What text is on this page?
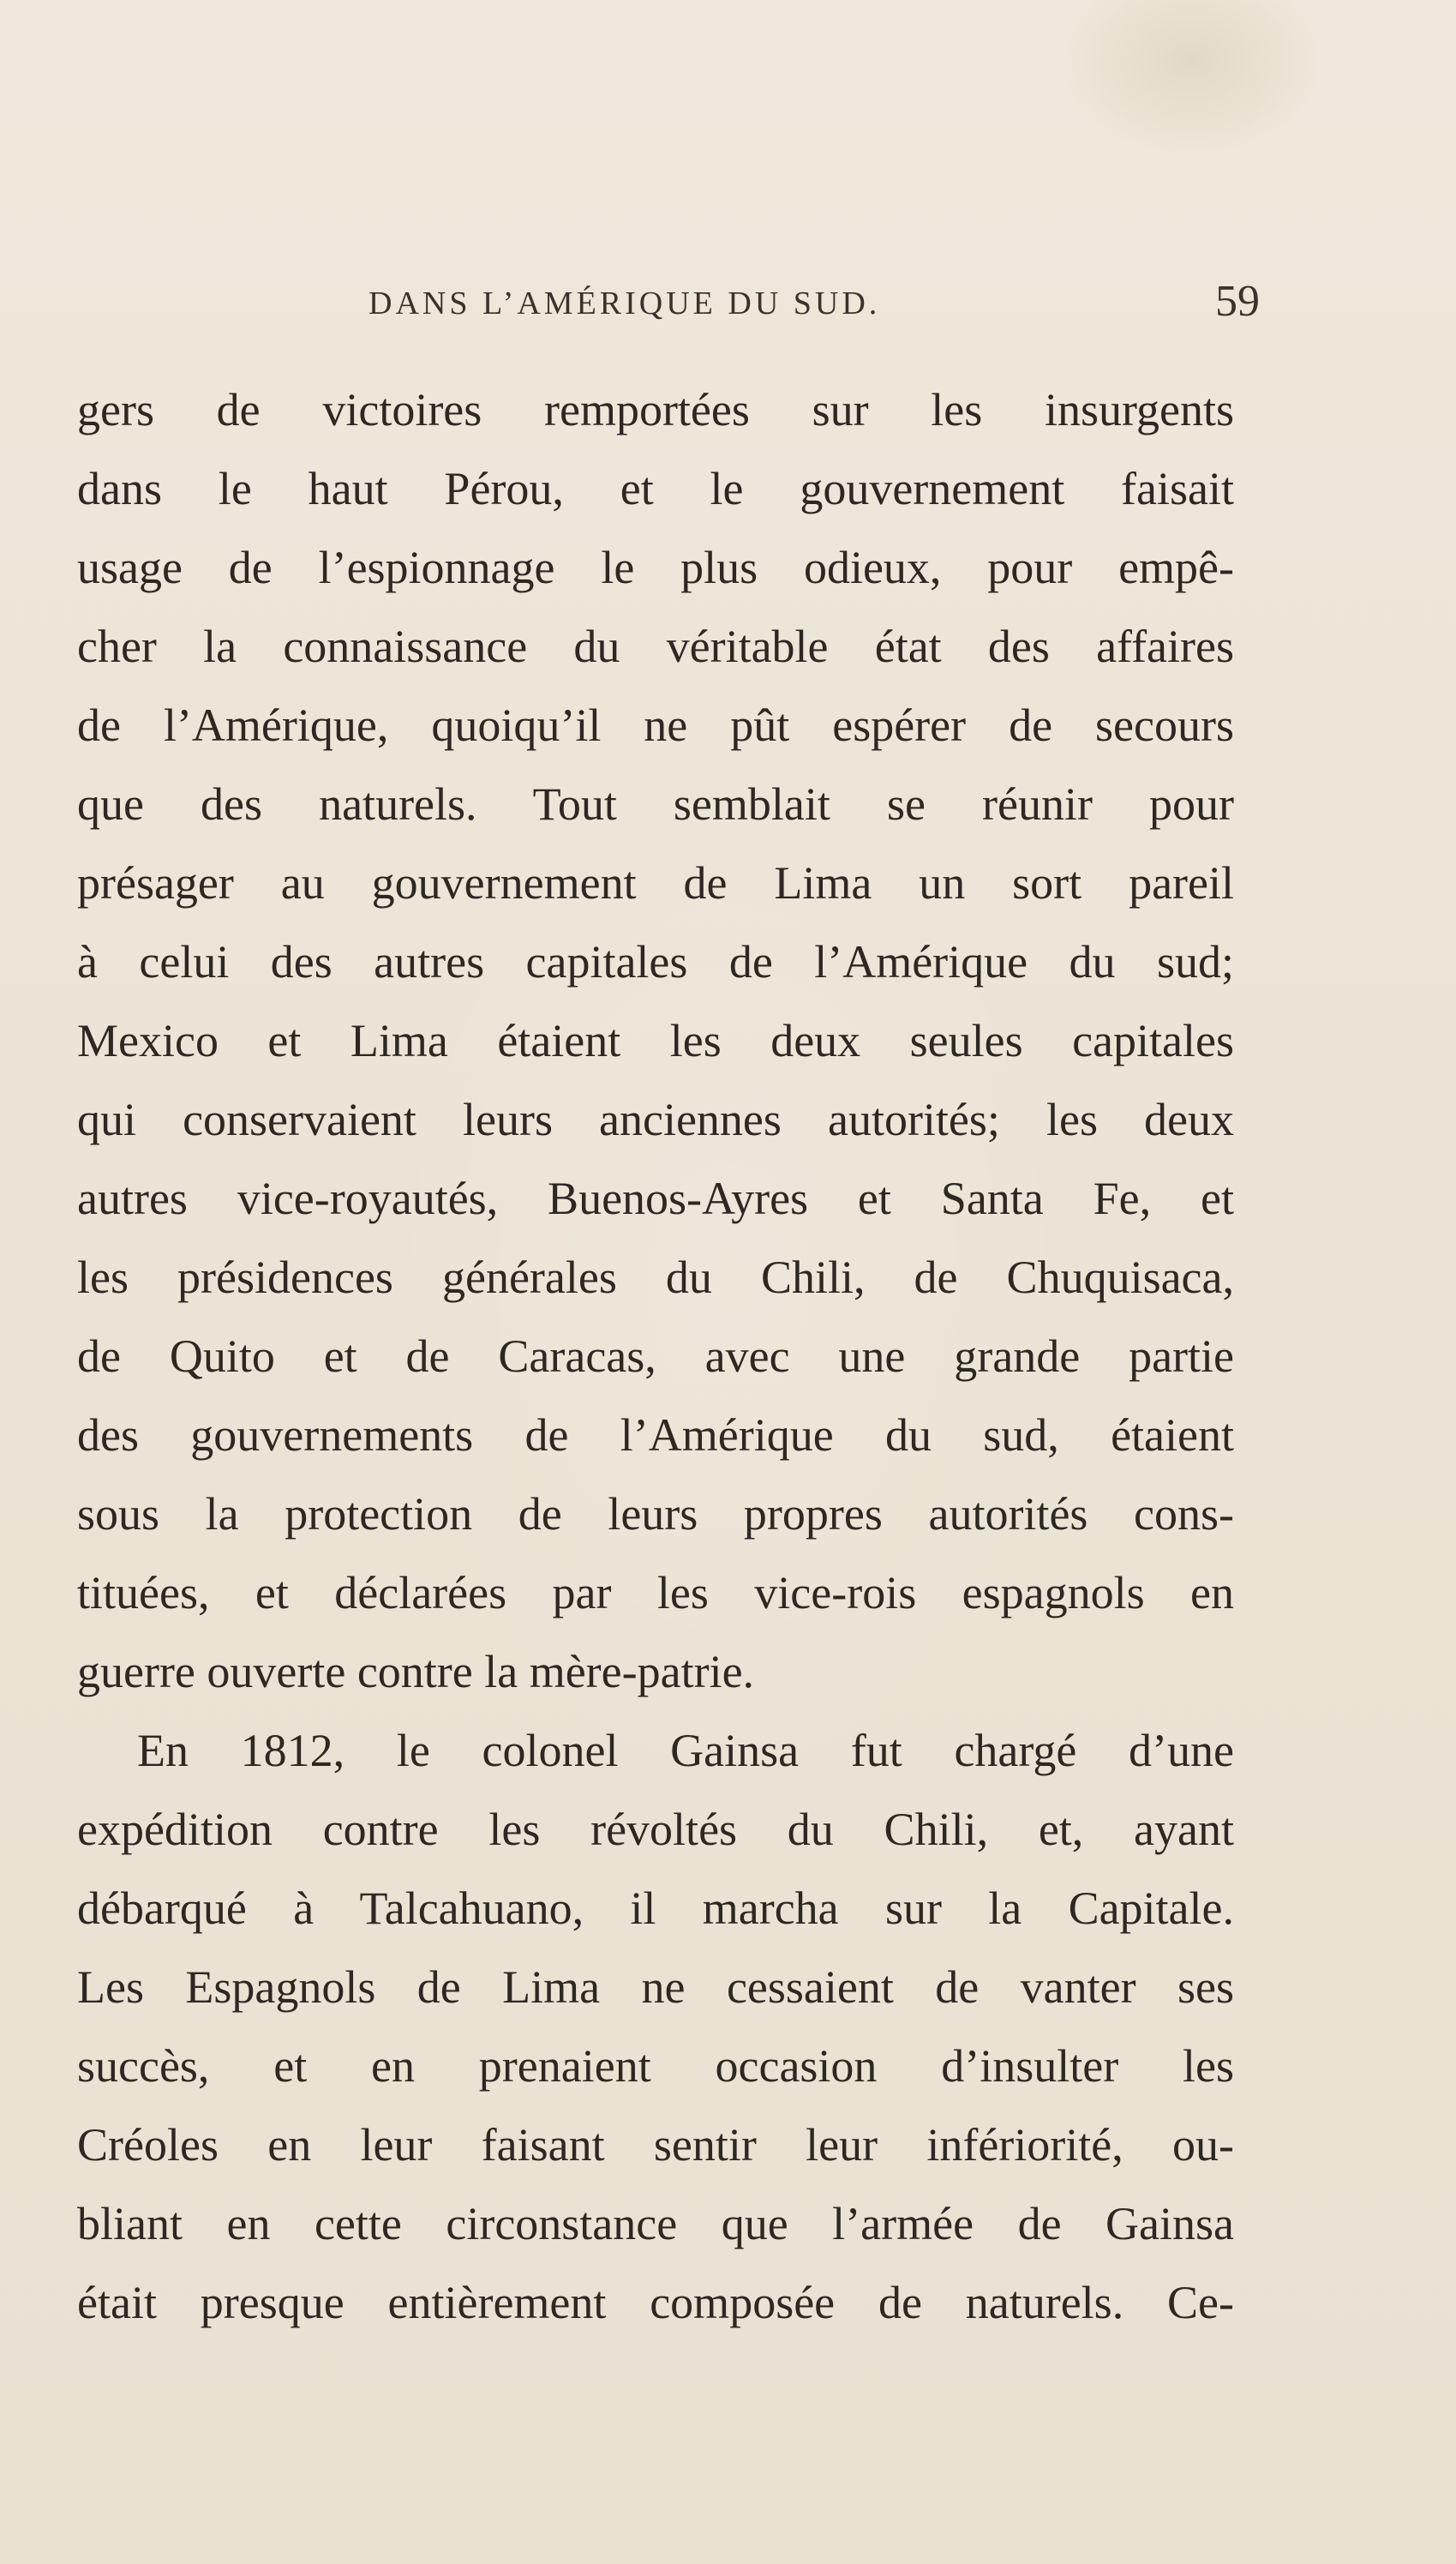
DANS L’AMÉRIQUE DU SUD.	59
gers de victoires remportées sur les insurgents
dans le haut Pérou, et le gouvernement faisait
usage de l’espionnage le plus odieux, pour empê-
cher la connaissance du véritable état des affaires
de l’Amérique, quoiqu’il ne pût espérer de secours
que des naturels. Tout semblait se réunir pour
présager au gouvernement de Lima un sort pareil
à celui des autres capitales de l’Amérique du sud;
Mexico et Lima étaient les deux seules capitales
qui conservaient leurs anciennes autorités; les deux
autres vice-royautés, Buenos-Ayres et Santa Fe, et
les présidences générales du Chili, de Chuquisaca,
de Quito et de Caracas, avec une grande partie
des gouvernements de l’Amérique du sud, étaient
sous la protection de leurs propres autorités cons-
tituées, et déclarées par les vice-rois espagnols en
guerre ouverte contre la mère-patrie.
En 1812, le colonel Gainsa fut chargé d’une
expédition contre les révoltés du Chili, et, ayant
débarqué à Talcahuano, il marcha sur la Capitale.
Les Espagnols de Lima ne cessaient de vanter ses
succès, et en prenaient occasion d’insulter les
Créoles en leur faisant sentir leur infériorité, ou-
bliant en cette circonstance que l’armée de Gainsa
était presque entièrement composée de naturels. Ce-
